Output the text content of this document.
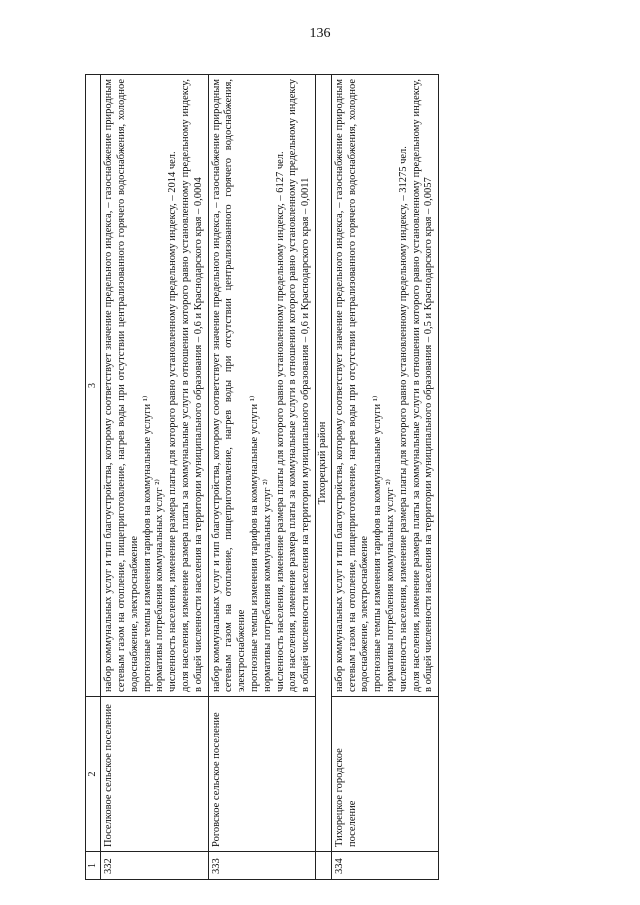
136
1	2	3
332	Поселковое сельское поселение	набор коммунальных услуг и тип благоустройства, которому соответствует значение предельного индекса, – газоснабжение природным сетевым газом на отопление, пищеприготовление, нагрев воды при отсутствии централизованного горячего водоснабжения, холодное водоснабжение, электроснабжение прогнозные темпы изменения тарифов на коммунальные услуги ¹⁾ нормативы потребления коммунальных услуг ²⁾ численность населения, изменение размера платы для которого равно установленному предельному индексу, – 2014 чел. доля населения, изменение размера платы за коммунальные услуги в отношении которого равно установленному предельному индексу, в общей численности населения на территории муниципального образования – 0,6 и Краснодарского края – 0,0004

333	Роговское сельское поселение	набор коммунальных услуг и тип благоустройства, которому соответствует значение предельного индекса, – газоснабжение природным сетевым газом на отопление, пищеприготовление, нагрев воды при отсутствии централизованного горячего водоснабжения, электроснабжение прогнозные темпы изменения тарифов на коммунальные услуги ¹⁾ нормативы потребления коммунальных услуг ²⁾ численность населения, изменение размера платы для которого равно установленному предельному индексу, – 6127 чел. доля населения, изменение размера платы за коммунальные услуги в отношении которого равно установленному предельному индексу в общей численности населения на территории муниципального образования – 0,6 и Краснодарского края – 0,0011

	Тихорецкий район	
334	Тихорецкое городское поселение	набор коммунальных услуг и тип благоустройства, которому соответствует значение предельного индекса, – газоснабжение природным сетевым газом на отопление, пищеприготовление, нагрев воды при отсутствии централизованного горячего водоснабжения, холодное водоснабжение, электроснабжение прогнозные темпы изменения тарифов на коммунальные услуги ¹⁾ нормативы потребления коммунальных услуг ²⁾ численность населения, изменение размера платы для которого равно установленному предельному индексу, – 31275 чел. доля населения, изменение размера платы за коммунальные услуги в отношении которого равно установленному предельному индексу, в общей численности населения на территории муниципального образования – 0,5 и Краснодарского края – 0,0057
